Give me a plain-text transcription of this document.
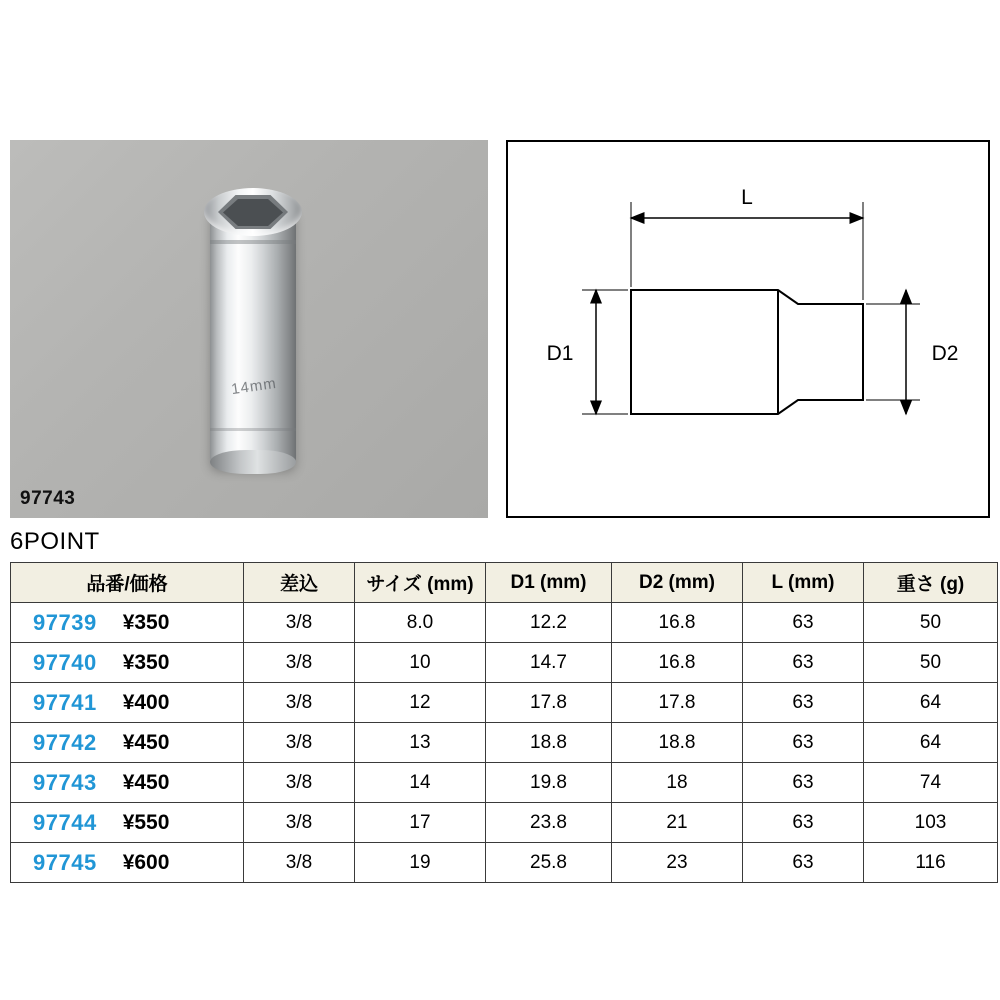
14mm
97743
L
D1	D2
6POINT
品番/価格	差込	サイズ (mm)	D1 (mm)	D2 (mm)	L (mm)	重さ (g)

97739 ¥350	3/8	8.0	12.2	16.8	63	50

97740 ¥350	3/8	10	14.7	16.8	63	50

97741 ¥400	3/8	12	17.8	17.8	63	64

97742 ¥450	3/8	13	18.8	18.8	63	64

97743 ¥450	3/8	14	19.8	18	63	74

97744 ¥550	3/8	17	23.8	21	63	103

97745 ¥600	3/8	19	25.8	23	63	116
